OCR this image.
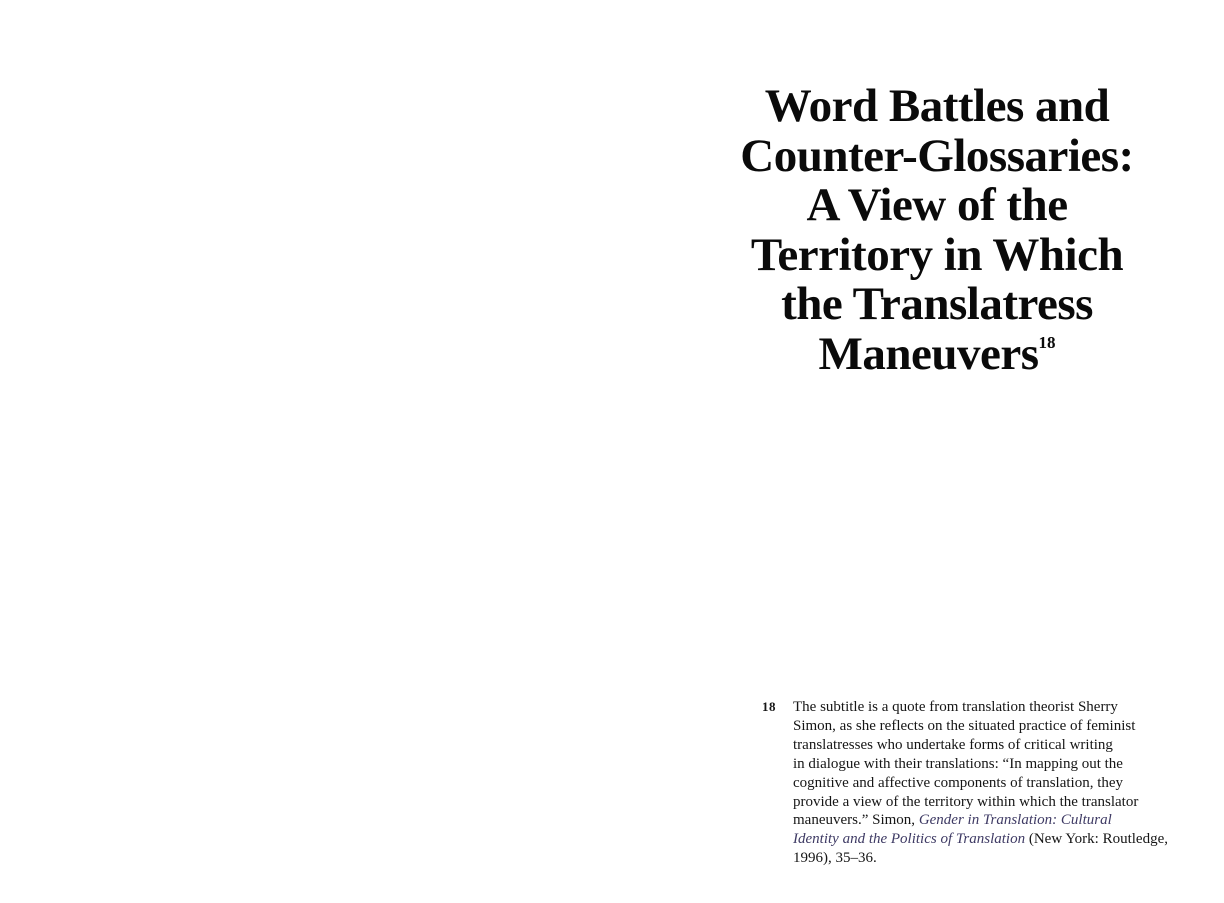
Word Battles and
Counter-Glossaries:
A View of the
Territory in Which
the Translatress
Maneuvers$^{18}$
18	The subtitle is a quote from translation theorist Sherry
Simon, as she reflects on the situated practice of feminist
translatresses who undertake forms of critical writing
in dialogue with their translations: “In mapping out the
cognitive and affective components of translation, they
provide a view of the territory within which the translator
maneuvers.” Simon, Gender in Translation: Cultural
Identity and the Politics of Translation (New York: Routledge,
1996), 35–36.
